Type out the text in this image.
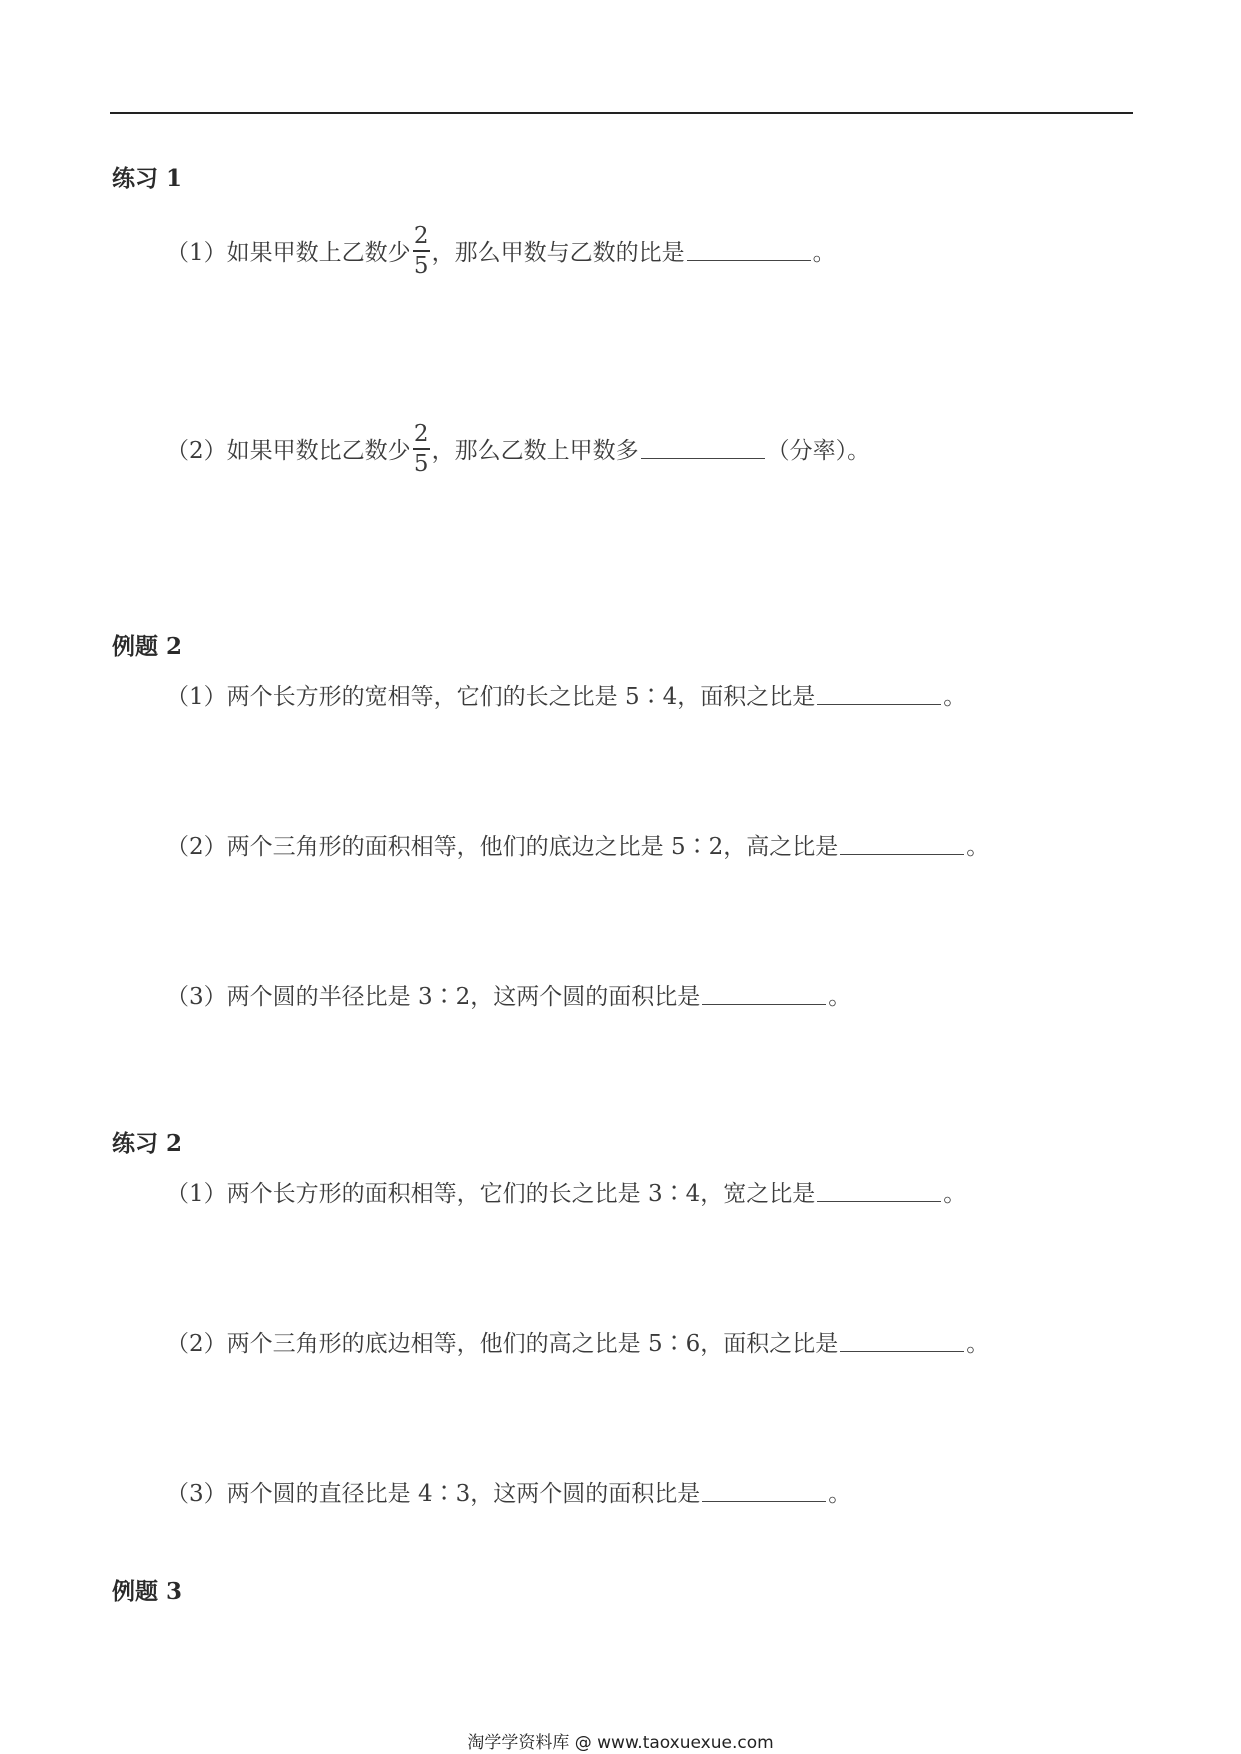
练习 1
（1）如果甲数上乙数少 $\frac{2}{5}$ ，那么甲数与乙数的比是	。
（2）如果甲数比乙数少 $\frac{2}{5}$ ，那么乙数上甲数多	（分率）。
例题 2
（1）两个长方形的宽相等，它们的长之比是 5∶4，面积之比是	。
（2）两个三角形的面积相等，他们的底边之比是 5∶2，高之比是	。
（3）两个圆的半径比是 3∶2，这两个圆的面积比是	。
练习 2
（1）两个长方形的面积相等，它们的长之比是 3∶4，宽之比是	。
（2）两个三角形的底边相等，他们的高之比是 5∶6，面积之比是	。
（3）两个圆的直径比是 4∶3，这两个圆的面积比是	。
例题 3
淘学学资料库 @ www.taoxuexue.com
